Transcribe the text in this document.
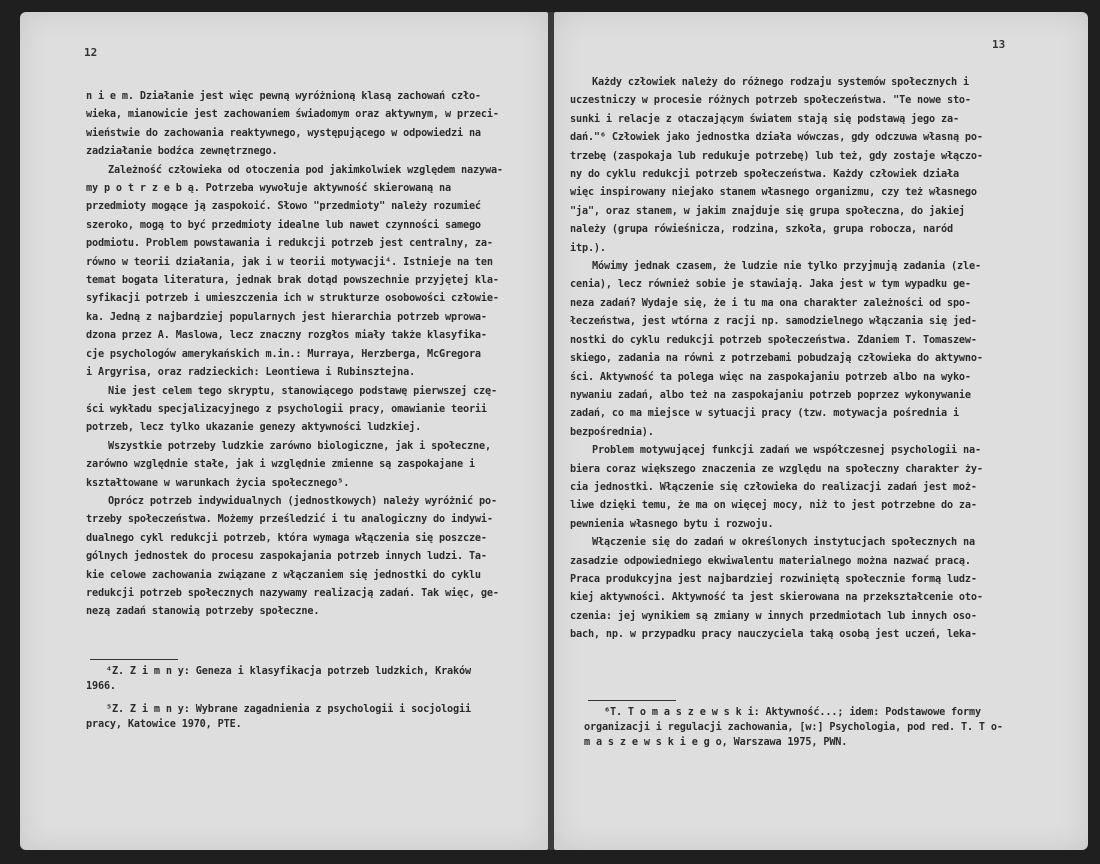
12
n i e m. Działanie jest więc pewną wyróżnioną klasą zachowań czło-
wieka, mianowicie jest zachowaniem świadomym oraz aktywnym, w przeci-
wieństwie do zachowania reaktywnego, występującego w odpowiedzi na
zadziałanie bodźca zewnętrznego.
Zależność człowieka od otoczenia pod jakimkolwiek względem nazywa-
my p o t r z e b ą. Potrzeba wywołuje aktywność skierowaną na
przedmioty mogące ją zaspokoić. Słowo "przedmioty" należy rozumieć
szeroko, mogą to być przedmioty idealne lub nawet czynności samego
podmiotu. Problem powstawania i redukcji potrzeb jest centralny, za-
równo w teorii działania, jak i w teorii motywacji⁴. Istnieje na ten
temat bogata literatura, jednak brak dotąd powszechnie przyjętej kla-
syfikacji potrzeb i umieszczenia ich w strukturze osobowości człowie-
ka. Jedną z najbardziej popularnych jest hierarchia potrzeb wprowa-
dzona przez A. Maslowa, lecz znaczny rozgłos miały także klasyfika-
cje psychologów amerykańskich m.in.: Murraya, Herzberga, McGregora
i Argyrisa, oraz radzieckich: Leontiewa i Rubinsztejna.
Nie jest celem tego skryptu, stanowiącego podstawę pierwszej czę-
ści wykładu specjalizacyjnego z psychologii pracy, omawianie teorii
potrzeb, lecz tylko ukazanie genezy aktywności ludzkiej.
Wszystkie potrzeby ludzkie zarówno biologiczne, jak i społeczne,
zarówno względnie stałe, jak i względnie zmienne są zaspokajane i
kształtowane w warunkach życia społecznego⁵.
Oprócz potrzeb indywidualnych (jednostkowych) należy wyróżnić po-
trzeby społeczeństwa. Możemy prześledzić i tu analogiczny do indywi-
dualnego cykl redukcji potrzeb, która wymaga włączenia się poszcze-
gólnych jednostek do procesu zaspokajania potrzeb innych ludzi. Ta-
kie celowe zachowania związane z włączaniem się jednostki do cyklu
redukcji potrzeb społecznych nazywamy realizacją zadań. Tak więc, ge-
nezą zadań stanowią potrzeby społeczne.
⁴Z. Z i m n y: Geneza i klasyfikacja potrzeb ludzkich, Kraków
1966.
⁵Z. Z i m n y: Wybrane zagadnienia z psychologii i socjologii
pracy, Katowice 1970, PTE.
13
Każdy człowiek należy do różnego rodzaju systemów społecznych i
uczestniczy w procesie różnych potrzeb społeczeństwa. "Te nowe sto-
sunki i relacje z otaczającym światem stają się podstawą jego za-
dań."⁶ Człowiek jako jednostka działa wówczas, gdy odczuwa własną po-
trzebę (zaspokaja lub redukuje potrzebę) lub też, gdy zostaje włączo-
ny do cyklu redukcji potrzeb społeczeństwa. Każdy człowiek działa
więc inspirowany niejako stanem własnego organizmu, czy też własnego
"ja", oraz stanem, w jakim znajduje się grupa społeczna, do jakiej
należy (grupa rówieśnicza, rodzina, szkoła, grupa robocza, naród
itp.).
Mówimy jednak czasem, że ludzie nie tylko przyjmują zadania (zle-
cenia), lecz również sobie je stawiają. Jaka jest w tym wypadku ge-
neza zadań? Wydaje się, że i tu ma ona charakter zależności od spo-
łeczeństwa, jest wtórna z racji np. samodzielnego włączania się jed-
nostki do cyklu redukcji potrzeb społeczeństwa. Zdaniem T. Tomaszew-
skiego, zadania na równi z potrzebami pobudzają człowieka do aktywno-
ści. Aktywność ta polega więc na zaspokajaniu potrzeb albo na wyko-
nywaniu zadań, albo też na zaspokajaniu potrzeb poprzez wykonywanie
zadań, co ma miejsce w sytuacji pracy (tzw. motywacja pośrednia i
bezpośrednia).
Problem motywującej funkcji zadań we współczesnej psychologii na-
biera coraz większego znaczenia ze względu na społeczny charakter ży-
cia jednostki. Włączenie się człowieka do realizacji zadań jest moż-
liwe dzięki temu, że ma on więcej mocy, niż to jest potrzebne do za-
pewnienia własnego bytu i rozwoju.
Włączenie się do zadań w określonych instytucjach społecznych na
zasadzie odpowiedniego ekwiwalentu materialnego można nazwać pracą.
Praca produkcyjna jest najbardziej rozwiniętą społecznie formą ludz-
kiej aktywności. Aktywność ta jest skierowana na przekształcenie oto-
czenia: jej wynikiem są zmiany w innych przedmiotach lub innych oso-
bach, np. w przypadku pracy nauczyciela taką osobą jest uczeń, leka-
⁶T. T o m a s z e w s k i: Aktywność...; idem: Podstawowe formy
organizacji i regulacji zachowania, [w:] Psychologia, pod red. T. T o-
m a s z e w s k i e g o, Warszawa 1975, PWN.
